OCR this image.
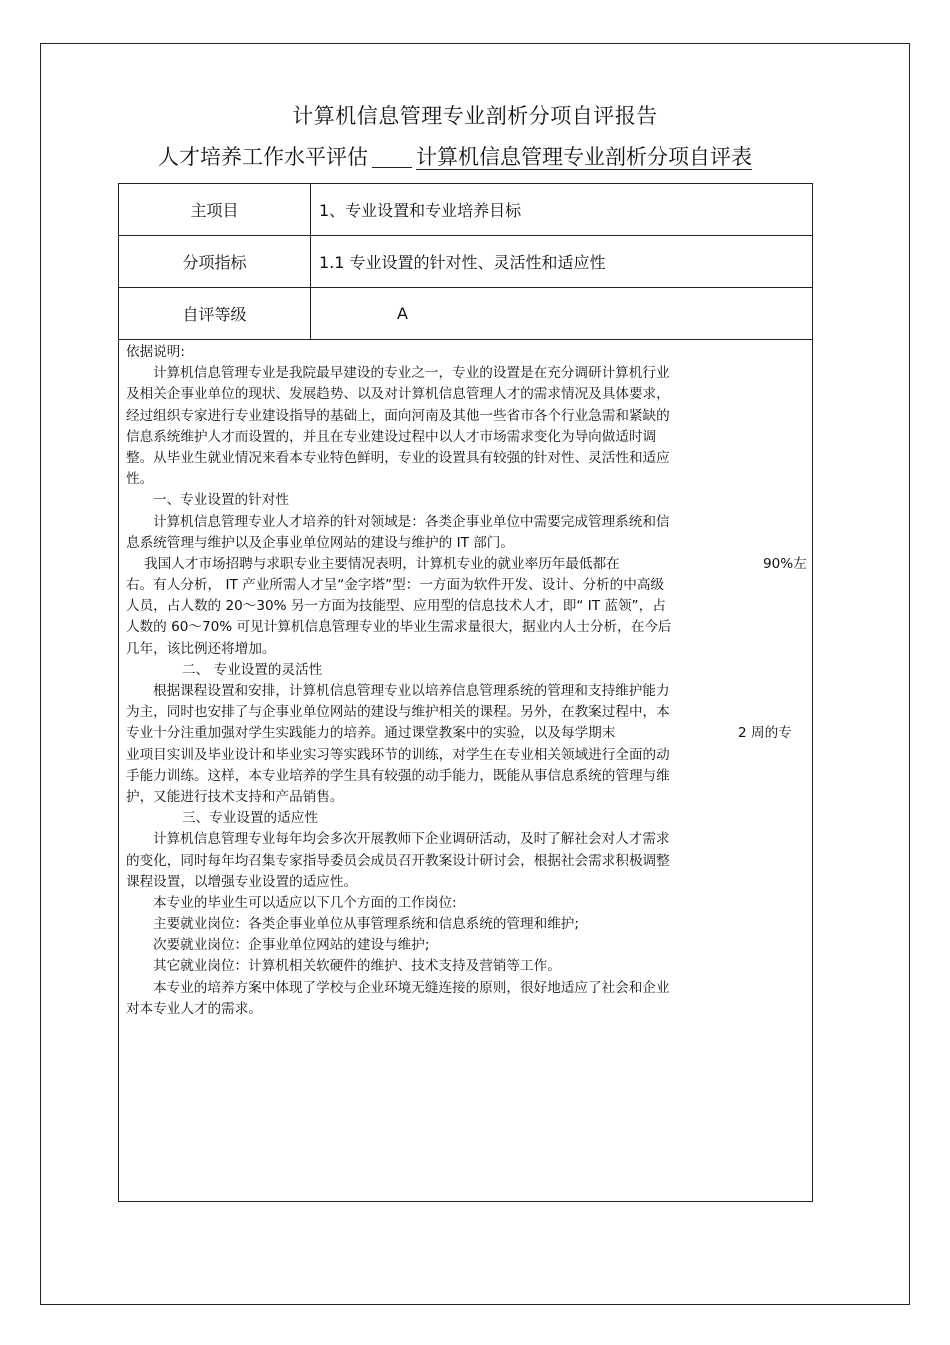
计算机信息管理专业剖析分项自评报告
人才培养工作水平评估 计算机信息管理专业剖析分项自评表
主项目	1、专业设置和专业培养目标
分项指标	1.1 专业设置的针对性、灵活性和适应性
自评等级	A
依据说明:
计算机信息管理专业是我院最早建设的专业之一，专业的设置是在充分调研计算机行业
及相关企事业单位的现状、发展趋势、以及对计算机信息管理人才的需求情况及具体要求，
经过组织专家进行专业建设指导的基础上，面向河南及其他一些省市各个行业急需和紧缺的
信息系统维护人才而设置的，并且在专业建设过程中以人才市场需求变化为导向做适时调
整。从毕业生就业情况来看本专业特色鲜明，专业的设置具有较强的针对性、灵活性和适应
性。
一、专业设置的针对性
计算机信息管理专业人才培养的针对领域是：各类企事业单位中需要完成管理系统和信
息系统管理与维护以及企事业单位网站的建设与维护的 IT 部门。
我国人才市场招聘与求职专业主要情况表明，计算机专业的就业率历年最低都在	90%左
右。有人分析， IT 产业所需人才呈“金字塔”型：一方面为软件开发、设计、分析的中高级
人员，占人数的 20～30% 另一方面为技能型、应用型的信息技术人才，即“ IT 蓝领”，占
人数的 60～70% 可见计算机信息管理专业的毕业生需求量很大，据业内人士分析，在今后
几年，该比例还将增加。
二、 专业设置的灵活性
根据课程设置和安排，计算机信息管理专业以培养信息管理系统的管理和支持维护能力
为主，同时也安排了与企事业单位网站的建设与维护相关的课程。另外，在教案过程中，本
专业十分注重加强对学生实践能力的培养。通过课堂教案中的实验，以及每学期末	2 周的专
业项目实训及毕业设计和毕业实习等实践环节的训练，对学生在专业相关领域进行全面的动
手能力训练。这样，本专业培养的学生具有较强的动手能力，既能从事信息系统的管理与维
护，又能进行技术支持和产品销售。
三、专业设置的适应性
计算机信息管理专业每年均会多次开展教师下企业调研活动，及时了解社会对人才需求
的变化，同时每年均召集专家指导委员会成员召开教案设计研讨会，根据社会需求积极调整
课程设置，以增强专业设置的适应性。
本专业的毕业生可以适应以下几个方面的工作岗位:
主要就业岗位：各类企事业单位从事管理系统和信息系统的管理和维护;
次要就业岗位：企事业单位网站的建设与维护;
其它就业岗位：计算机相关软硬件的维护、技术支持及营销等工作。
本专业的培养方案中体现了学校与企业环境无缝连接的原则，很好地适应了社会和企业
对本专业人才的需求。
